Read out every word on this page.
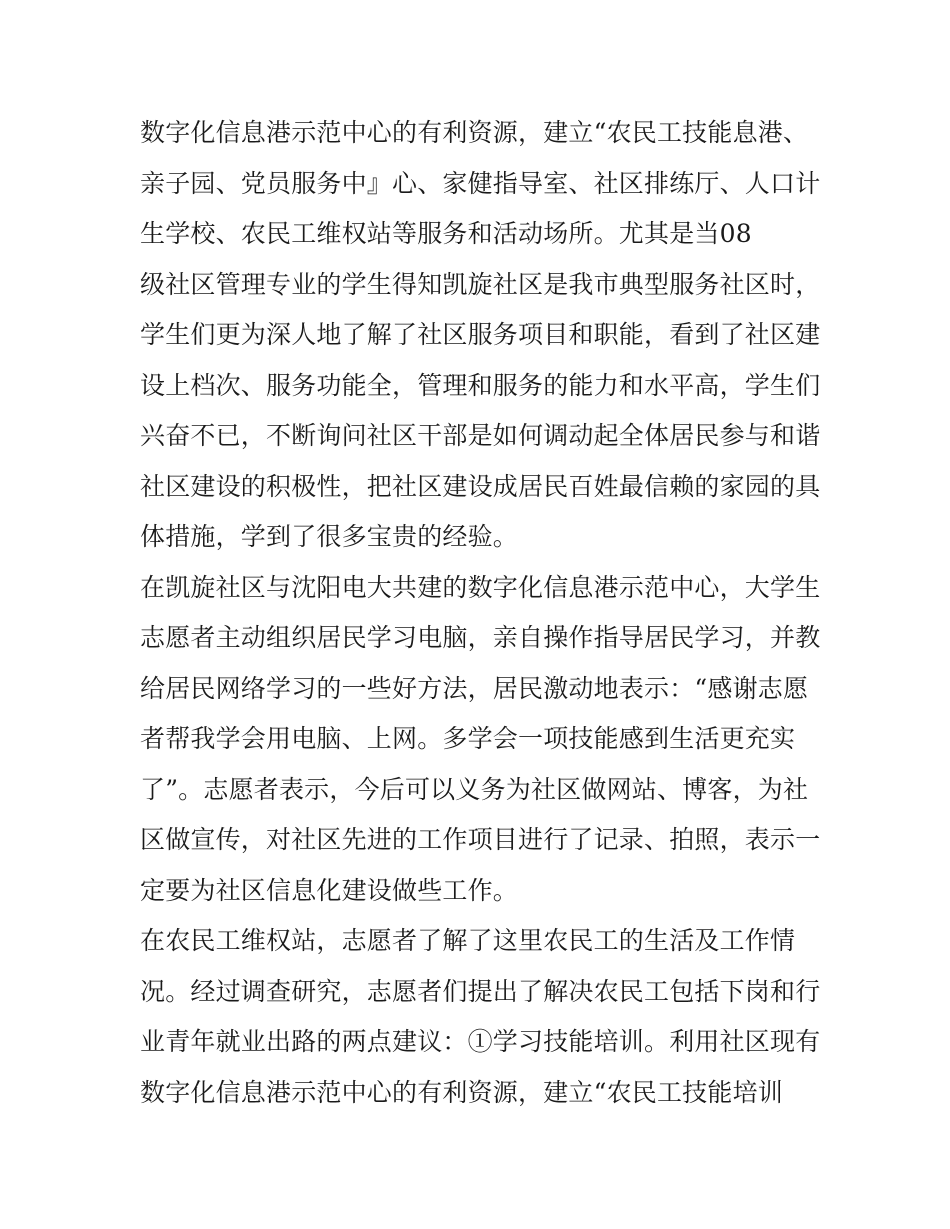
数字化信息港示范中心的有利资源，建立“农民工技能息港、
亲子园、党员服务中』心、家健指导室、社区排练厅、人口计
生学校、农民工维权站等服务和活动场所。尤其是当08
级社区管理专业的学生得知凯旋社区是我市典型服务社区时，
学生们更为深人地了解了社区服务项目和职能，看到了社区建
设上档次、服务功能全，管理和服务的能力和水平高，学生们
兴奋不已，不断询问社区干部是如何调动起全体居民参与和谐
社区建设的积极性，把社区建设成居民百姓最信赖的家园的具
体措施，学到了很多宝贵的经验。
在凯旋社区与沈阳电大共建的数字化信息港示范中心，大学生
志愿者主动组织居民学习电脑，亲自操作指导居民学习，并教
给居民网络学习的一些好方法，居民激动地表示：“感谢志愿
者帮我学会用电脑、上网。多学会一项技能感到生活更充实
了”。志愿者表示，今后可以义务为社区做网站、博客，为社
区做宣传，对社区先进的工作项目进行了记录、拍照，表示一
定要为社区信息化建设做些工作。
在农民工维权站，志愿者了解了这里农民工的生活及工作情
况。经过调查研究，志愿者们提出了解决农民工包括下岗和行
业青年就业出路的两点建议：①学习技能培训。利用社区现有
数字化信息港示范中心的有利资源，建立“农民工技能培训
